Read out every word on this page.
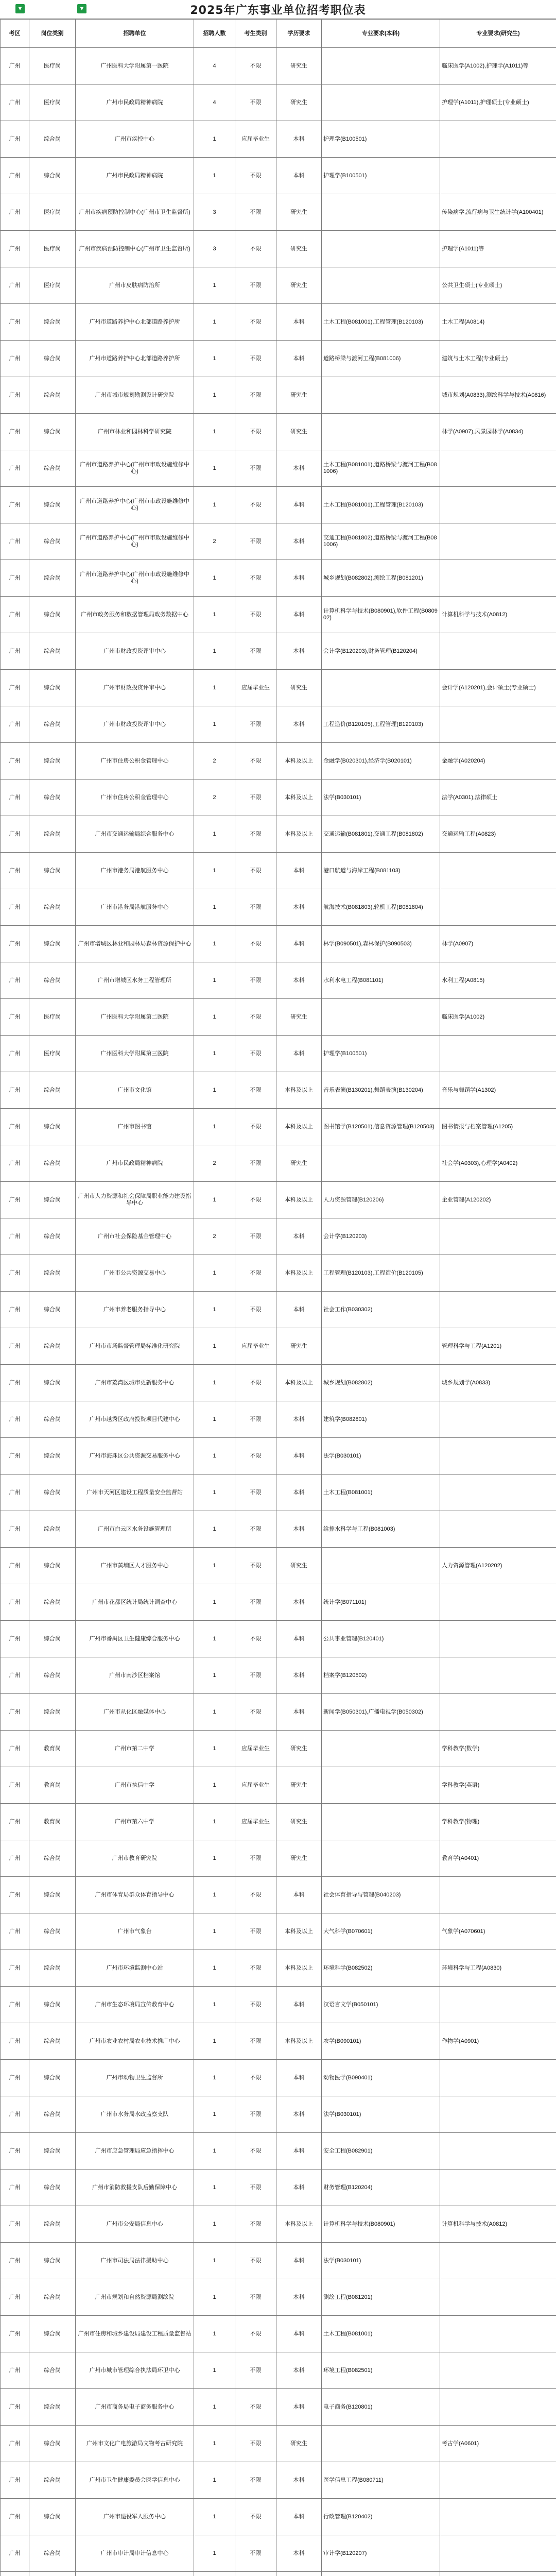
2025年广东事业单位招考职位表
▼	▼
考区	岗位类别	招聘单位	招聘人数	考生类别	学历要求	专业要求(本科)	专业要求(研究生)
广州	医疗岗	广州医科大学附属第一医院	4	不限	研究生		临床医学(A1002),护理学(A1011)等
广州	医疗岗	广州市民政局精神病院	4	不限	研究生		护理学(A1011),护理硕士(专业硕士)
广州	综合岗	广州市疾控中心	1	应届毕业生	本科	护理学(B100501)	
广州	综合岗	广州市民政局精神病院	1	不限	本科	护理学(B100501)	
广州	医疗岗	广州市疾病预防控制中心(广州市卫生监督所)	3	不限	研究生		传染病学,流行病与卫生统计学(A100401)
广州	医疗岗	广州市疾病预防控制中心(广州市卫生监督所)	3	不限	研究生		护理学(A1011)等
广州	医疗岗	广州市皮肤病防治所	1	不限	研究生		公共卫生硕士(专业硕士)
广州	综合岗	广州市道路养护中心北部道路养护所	1	不限	本科	土木工程(B081001),工程管理(B120103)	土木工程(A0814)
广州	综合岗	广州市道路养护中心北部道路养护所	1	不限	本科	道路桥梁与渡河工程(B081006)	建筑与土木工程(专业硕士)
广州	综合岗	广州市城市规划勘测设计研究院	1	不限	研究生		城市规划(A0833),测绘科学与技术(A0816)
广州	综合岗	广州市林业和园林科学研究院	1	不限	研究生		林学(A0907),风景园林学(A0834)
广州	综合岗	广州市道路养护中心(广州市市政设施维修中心)	1	不限	本科	土木工程(B081001),道路桥梁与渡河工程(B081006)	
广州	综合岗	广州市道路养护中心(广州市市政设施维修中心)	1	不限	本科	土木工程(B081001),工程管理(B120103)	
广州	综合岗	广州市道路养护中心(广州市市政设施维修中心)	2	不限	本科	交通工程(B081802),道路桥梁与渡河工程(B081006)	
广州	综合岗	广州市道路养护中心(广州市市政设施维修中心)	1	不限	本科	城乡规划(B082802),测绘工程(B081201)	
广州	综合岗	广州市政务服务和数据管理局政务数据中心	1	不限	本科	计算机科学与技术(B080901),软件工程(B080902)	计算机科学与技术(A0812)
广州	综合岗	广州市财政投资评审中心	1	不限	本科	会计学(B120203),财务管理(B120204)	
广州	综合岗	广州市财政投资评审中心	1	应届毕业生	研究生		会计学(A120201),会计硕士(专业硕士)
广州	综合岗	广州市财政投资评审中心	1	不限	本科	工程造价(B120105),工程管理(B120103)	
广州	综合岗	广州市住房公积金管理中心	2	不限	本科及以上	金融学(B020301),经济学(B020101)	金融学(A020204)
广州	综合岗	广州市住房公积金管理中心	2	不限	本科及以上	法学(B030101)	法学(A0301),法律硕士
广州	综合岗	广州市交通运输局综合服务中心	1	不限	本科及以上	交通运输(B081801),交通工程(B081802)	交通运输工程(A0823)
广州	综合岗	广州市港务局港航服务中心	1	不限	本科	港口航道与海岸工程(B081103)	
广州	综合岗	广州市港务局港航服务中心	1	不限	本科	航海技术(B081803),轮机工程(B081804)	
广州	综合岗	广州市增城区林业和园林局森林资源保护中心	1	不限	本科	林学(B090501),森林保护(B090503)	林学(A0907)
广州	综合岗	广州市增城区水务工程管理所	1	不限	本科	水利水电工程(B081101)	水利工程(A0815)
广州	医疗岗	广州医科大学附属第二医院	1	不限	研究生		临床医学(A1002)
广州	医疗岗	广州医科大学附属第三医院	1	不限	本科	护理学(B100501)	
广州	综合岗	广州市文化馆	1	不限	本科及以上	音乐表演(B130201),舞蹈表演(B130204)	音乐与舞蹈学(A1302)
广州	综合岗	广州市图书馆	1	不限	本科及以上	图书馆学(B120501),信息资源管理(B120503)	图书情报与档案管理(A1205)
广州	综合岗	广州市民政局精神病院	2	不限	研究生		社会学(A0303),心理学(A0402)
广州	综合岗	广州市人力资源和社会保障局职业能力建设指导中心	1	不限	本科及以上	人力资源管理(B120206)	企业管理(A120202)
广州	综合岗	广州市社会保险基金管理中心	2	不限	本科	会计学(B120203)	
广州	综合岗	广州市公共资源交易中心	1	不限	本科及以上	工程管理(B120103),工程造价(B120105)	
广州	综合岗	广州市养老服务指导中心	1	不限	本科	社会工作(B030302)	
广州	综合岗	广州市市场监督管理局标准化研究院	1	应届毕业生	研究生		管理科学与工程(A1201)
广州	综合岗	广州市荔湾区城市更新服务中心	1	不限	本科及以上	城乡规划(B082802)	城乡规划学(A0833)
广州	综合岗	广州市越秀区政府投资项目代建中心	1	不限	本科	建筑学(B082801)	
广州	综合岗	广州市海珠区公共资源交易服务中心	1	不限	本科	法学(B030101)	
广州	综合岗	广州市天河区建设工程质量安全监督站	1	不限	本科	土木工程(B081001)	
广州	综合岗	广州市白云区水务设施管理所	1	不限	本科	给排水科学与工程(B081003)	
广州	综合岗	广州市黄埔区人才服务中心	1	不限	研究生		人力资源管理(A120202)
广州	综合岗	广州市花都区统计局统计调查中心	1	不限	本科	统计学(B071101)	
广州	综合岗	广州市番禺区卫生健康综合服务中心	1	不限	本科	公共事业管理(B120401)	
广州	综合岗	广州市南沙区档案馆	1	不限	本科	档案学(B120502)	
广州	综合岗	广州市从化区融媒体中心	1	不限	本科	新闻学(B050301),广播电视学(B050302)	
广州	教育岗	广州市第二中学	1	应届毕业生	研究生		学科教学(数学)
广州	教育岗	广州市执信中学	1	应届毕业生	研究生		学科教学(英语)
广州	教育岗	广州市第六中学	1	应届毕业生	研究生		学科教学(物理)
广州	综合岗	广州市教育研究院	1	不限	研究生		教育学(A0401)
广州	综合岗	广州市体育局群众体育指导中心	1	不限	本科	社会体育指导与管理(B040203)	
广州	综合岗	广州市气象台	1	不限	本科及以上	大气科学(B070601)	气象学(A070601)
广州	综合岗	广州市环境监测中心站	1	不限	本科及以上	环境科学(B082502)	环境科学与工程(A0830)
广州	综合岗	广州市生态环境局宣传教育中心	1	不限	本科	汉语言文学(B050101)	
广州	综合岗	广州市农业农村局农业技术推广中心	1	不限	本科及以上	农学(B090101)	作物学(A0901)
广州	综合岗	广州市动物卫生监督所	1	不限	本科	动物医学(B090401)	
广州	综合岗	广州市水务局水政监察支队	1	不限	本科	法学(B030101)	
广州	综合岗	广州市应急管理局应急指挥中心	1	不限	本科	安全工程(B082901)	
广州	综合岗	广州市消防救援支队后勤保障中心	1	不限	本科	财务管理(B120204)	
广州	综合岗	广州市公安局信息中心	1	不限	本科及以上	计算机科学与技术(B080901)	计算机科学与技术(A0812)
广州	综合岗	广州市司法局法律援助中心	1	不限	本科	法学(B030101)	
广州	综合岗	广州市规划和自然资源局测绘院	1	不限	本科	测绘工程(B081201)	
广州	综合岗	广州市住房和城乡建设局建设工程质量监督站	1	不限	本科	土木工程(B081001)	
广州	综合岗	广州市城市管理综合执法局环卫中心	1	不限	本科	环境工程(B082501)	
广州	综合岗	广州市商务局电子商务服务中心	1	不限	本科	电子商务(B120801)	
广州	综合岗	广州市文化广电旅游局文物考古研究院	1	不限	研究生		考古学(A0601)
广州	综合岗	广州市卫生健康委员会医学信息中心	1	不限	本科	医学信息工程(B080711)	
广州	综合岗	广州市退役军人服务中心	1	不限	本科	行政管理(B120402)	
广州	综合岗	广州市审计局审计信息中心	1	不限	本科	审计学(B120207)	
